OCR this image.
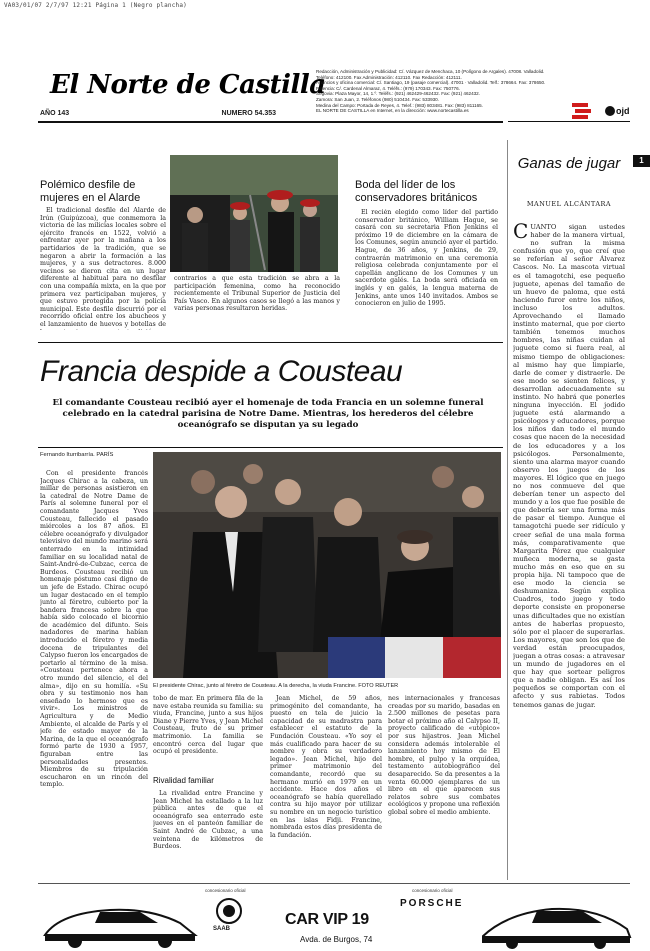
VA03/01/07 2/7/97 12:21 Página 1 (Negro plancha)
El Norte de Castilla

Redacción, Administración y Publicidad: C/. Vázquez de Menchaca, 10 (Polígono de Argales). 47008. Valladolid.

Teléfono: 412100. Fax Administración: 412110. Fax Redacción: 412111.

Anuncios y oficina comercial: C/. Santiago, 19 (pasaje comercial). 47001 · Valladolid. Telf.: 378664. Fax: 378650.

Palencia: C/. Cardenal Almaraz, 4. Teléfs.: (979) 170343. Fax: 750776.

Segovia: Plaza Mayor, 14, 1.º. Teléfs.: (921) 462429-462432. Fax: (921) 462432.

Zamora: San Juan, 2. Teléfonos (980) 510434. Fax: 533930.

Medina del Campo: Portada de Reyes, 4. Telef.: (983) 803481. Fax: (983) 811165.

EL NORTE DE CASTILLA en Internet, en la dirección: www.nortecastilla.es	ojd
AÑO 143	NUMERO 54.353
1
Polémico desfile de mujeres en el Alarde

El tradicional desfile del Alarde de Irún (Guipúzcoa), que conmemora la victoria de las milicias locales sobre el ejército francés en 1522, volvió a enfrentar ayer por la mañana a los partidarios de la tradición, que se negaron a abrir la formación a las mujeres, y a sus detractores. 8.000 vecinos se dieron cita en un lugar diferente al habitual para no desfilar con una compañía mixta, en la que por primera vez participaban mujeres, y que estuvo protegida por la policía municipal. Este desfile discurrió por el recorrido oficial entre los abucheos y el lanzamiento de huevos y botellas de

contrarios a que esta tradición se abra a la participación femenina, como ha reconocido recientemente el Tribunal Superior de Justicia del País Vasco. En algunos casos se llegó a las manos y varias personas resultaron heridas.

Boda del líder de los conservadores británicos

El recién elegido como líder del partido conservador británico, William Hague, se casará con su secretaria Ffion Jenkins el próximo 19 de diciembre en la cámara de los Comunes, según anunció ayer el partido. Hague, de 36 años, y Jenkins, de 29, contraerán matrimonio en una ceremonia religiosa celebrada conjuntamente por el capellán anglicano de los Comunes y un sacerdote galés. La boda será oficiada en inglés y en galés, la lengua materna de Jenkins, ante unos 140 invitados. Ambos se conocieron en julio de 1995.

Ganas de jugar
MANUEL ALCÁNTARA
CUANTO sigan ustedes haber de la manera virtual, no sufran la misma confusión que yo, que creí que se referían al señor Álvarez Cascos. No. La mascota virtual es el tamagotchi, ese pequeño juguete, apenas del tamaño de un huevo de paloma, que está haciendo furor entre los niños, incluso los adultos. Aprovechando el llamado instinto maternal, que por cierto también tenemos muchos hombres, las niñas cuidan al juguete como si fuera real, al mismo tiempo de obligaciones: al mismo hay que limpiarle, darle de comer y distraerle. De ese modo se sienten felices, y desarrollan adecuadamente su instinto. No habrá que ponerles ninguna inyección. El jodido juguete está alarmando a psicólogos y educadores, porque los niños dan todo el mundo cosas que nacen de la necesidad de los educadores y a los psicólogos. Personalmente, siento una alarma mayor cuando observo los juegos de los mayores. El lógico que en juego no nos conmueve del que deberían tener un aspecto del mundo y a los que fue posible de que debería ser una forma más de pasar el tiempo. Aunque el tamagotchi puede ser ridículo y creer señal de una mala forma más, comparativamente que Margarita Pérez que cualquier muñeca moderna, se gasta mucho más en eso que en su propia hija. Ni tampoco que de ese modo la ciencia se deshumaniza. Según explica Cuadros, todo juego y todo deporte consiste en proponerse unas dificultades que no existían antes de haberlas propuesto, sólo por el placer de superarlas. Los mayores, que son los que de verdad están preocupados, juegan a otras cosas: a atravesar un mundo de jugadores en el que hay que sortear peligros que a nadie obligan. Es así los pequeños se comportan con el afecto y sus rabietas. Todos tenemos ganas de jugar.
Francia despide a Cousteau
El comandante Cousteau recibió ayer el homenaje de toda Francia en un solemne funeral celebrado en la catedral parisina de Notre Dame. Mientras, los herederos del célebre oceanógrafo se disputan ya su legado
Fernando Iturribarría. PARÍS

Con el presidente francés Jacques Chirac a la cabeza, un millar de personas asistieron en la catedral de Notre Dame de París al solemne funeral por el comandante Jacques Yves Cousteau, fallecido el pasado miércoles a los 87 años. El célebre oceanógrafo y divulgador televisivo del mundo marino será enterrado en la intimidad familiar en su localidad natal de Saint-André-de-Cubzac, cerca de Burdeos. Cousteau recibió un homenaje póstumo casi digno de un jefe de Estado. Chirac ocupó un lugar destacado en el templo junto al féretro, cubierto por la bandera francesa sobre la que había sido colocado el bicornio de académico del difunto. Seis nadadores de marina habían introducido el féretro y media docena de tripulantes del Calypso fueron los encargados de portarlo al término de la misa. «Cousteau pertenece ahora a otro mundo del silencio, el del alma», dijo en su homilía. «Su obra y su testimonio nos han enseñado lo hermoso que es vivir». Los ministros de Agricultura y de Medio Ambiente, el alcalde de París y el jefe de estado mayor de la Marina, de la que el oceanógrafo formó parte de 1930 a 1957, figuraban entre las personalidades presentes. Miembros de su tripulación escucharon en un rincón del templo.

El presidente Chirac, junto al féretro de Cousteau. A la derecha, la viuda Francine. FOTO REUTER

tobo de mar. En primera fila de la nave estaba reunida su familia: su viuda, Francine, junto a sus hijos Diane y Pierre Yves, y Jean Michel Cousteau, fruto de su primer matrimonio. La familia se encontró cerca del lugar que ocupó el presidente.

Rivalidad familiar

La rivalidad entre Francine y Jean Michel ha estallado a la luz pública antes de que el oceanógrafo sea enterrado este jueves en el panteón familiar de Saint André de Cubzac, a una veintena de kilómetros de Burdeos.

Jean Michel, de 59 años, primogénito del comandante, ha puesto en tela de juicio la capacidad de su madrastra para establecer el estatuto de la Fundación Cousteau. «Yo soy el más cualificado para hacer de su nombre y obra su verdadero legado». Jean Michel, hijo del primer matrimonio del comandante, recordó que su hermano murió en 1979 en un accidente. Hace dos años el oceanógrafo se había querellado contra su hijo mayor por utilizar su nombre en un negocio turístico en las islas Fidji. Francine, nombrada estos días presidenta de la fundación.

nes internacionales y francesas creadas por su marido, basadas en 2.500 millones de pesetas para botar el próximo año el Calypso II, proyecto calificado de «utópico» por sus hijastros. Jean Michel considera además intolerable el lanzamiento hoy mismo de El hombre, el pulpo y la orquídea, testamento autobiográfico del desaparecido. Se da presentes a la venta 60.000 ejemplares de un libro en el que aparecen sus relatos sobre sus combates ecológicos y propone una reflexión global sobre el medio ambiente.

concesionario oficial	concesionario oficial
SAAB
CAR VIP 19
Avda. de Burgos, 74
PORSCHE
